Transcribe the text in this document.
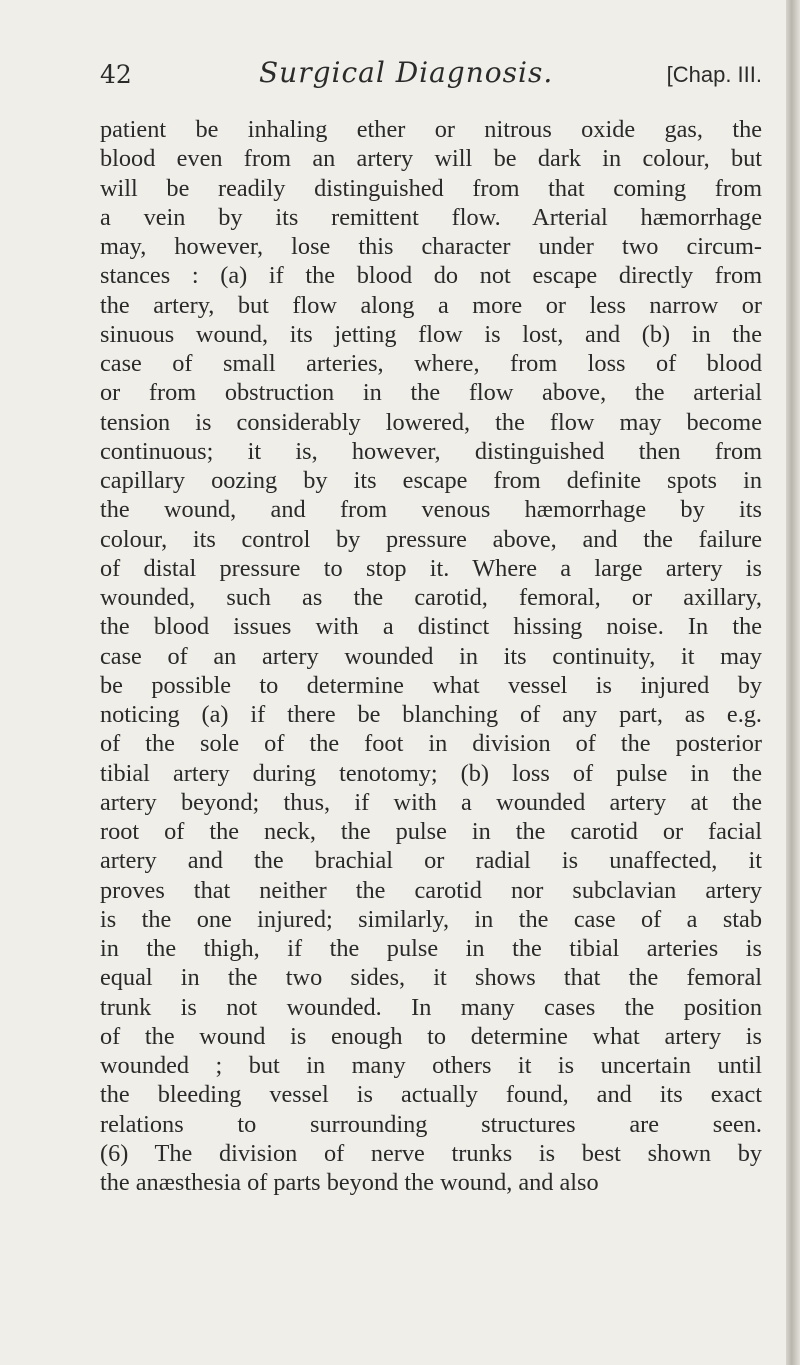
42	Surgical Diagnosis.	[Chap. III.
patient be inhaling ether or nitrous oxide gas, the
blood even from an artery will be dark in colour, but
will be readily distinguished from that coming from
a vein by its remittent flow. Arterial hæmorrhage
may, however, lose this character under two circum-
stances : (a) if the blood do not escape directly from
the artery, but flow along a more or less narrow or
sinuous wound, its jetting flow is lost, and (b) in the
case of small arteries, where, from loss of blood
or from obstruction in the flow above, the arterial
tension is considerably lowered, the flow may become
continuous; it is, however, distinguished then from
capillary oozing by its escape from definite spots in
the wound, and from venous hæmorrhage by its
colour, its control by pressure above, and the failure
of distal pressure to stop it. Where a large artery is
wounded, such as the carotid, femoral, or axillary,
the blood issues with a distinct hissing noise. In the
case of an artery wounded in its continuity, it may
be possible to determine what vessel is injured by
noticing (a) if there be blanching of any part, as e.g.
of the sole of the foot in division of the posterior
tibial artery during tenotomy; (b) loss of pulse in the
artery beyond; thus, if with a wounded artery at the
root of the neck, the pulse in the carotid or facial
artery and the brachial or radial is unaffected, it
proves that neither the carotid nor subclavian artery
is the one injured; similarly, in the case of a stab
in the thigh, if the pulse in the tibial arteries is
equal in the two sides, it shows that the femoral
trunk is not wounded. In many cases the position
of the wound is enough to determine what artery is
wounded ; but in many others it is uncertain until
the bleeding vessel is actually found, and its exact
relations to surrounding structures are seen.
(6) The division of nerve trunks is best shown by
the anæsthesia of parts beyond the wound, and also
